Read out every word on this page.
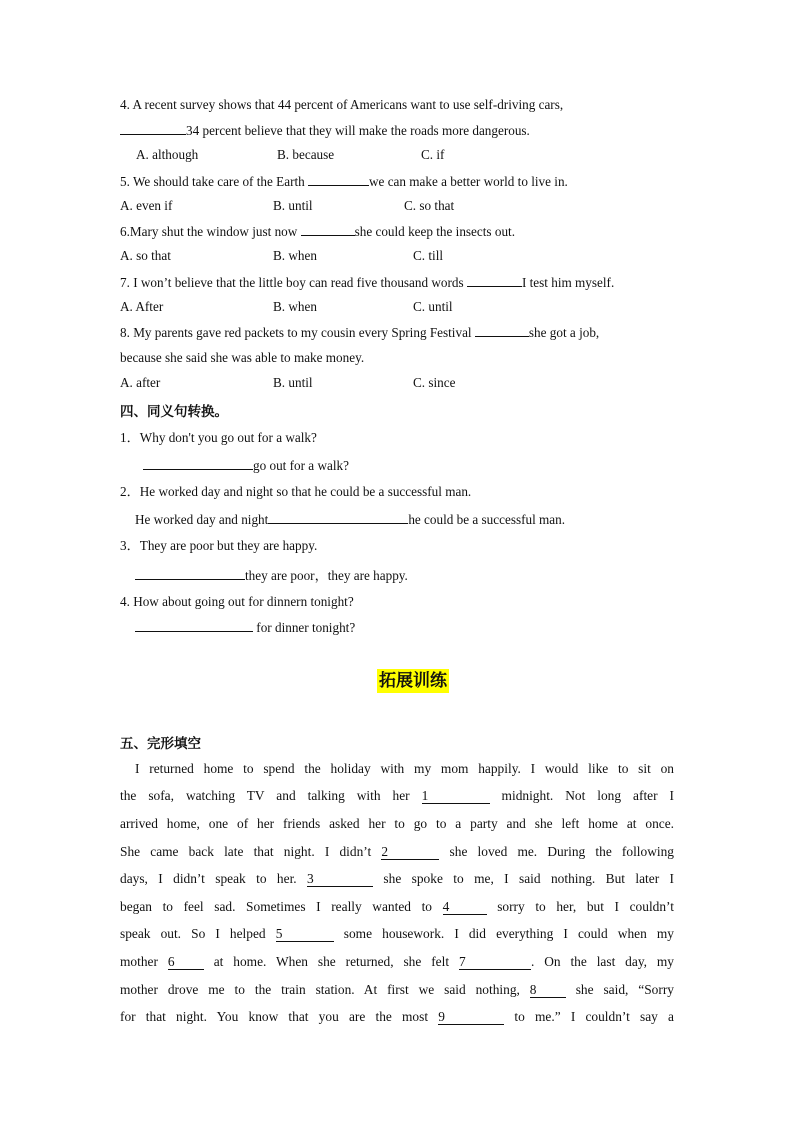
4. A recent survey shows that 44 percent of Americans want to use self-driving cars,
34 percent believe that they will make the roads more dangerous.
A. although	B. because	C. if
5. We should take care of the Earth	we can make a better world to live in.
A. even if	B. until	C. so that
6.Mary shut the window just now	she could keep the insects out.
A. so that	B. when	C. till
7. I won’t believe that the little boy can read five thousand words	I test him myself.
A. After	B. when	C. until
8. My parents gave red packets to my cousin every Spring Festival	she got a job,
because she said she was able to make money.
A. after	B. until	C. since
四、同义句转换。
1．Why don't you go out for a walk?
go out for a walk?
2．He worked day and night so that he could be a successful man.
He worked day and night	he could be a successful man.
3．They are poor but they are happy.
they are poor，they are happy.
4. How about going out for dinnern tonight?
for dinner tonight?
拓展训练
五、完形填空
I returned home to spend the holiday with my mom happily. I would like to sit on
the sofa, watching TV and talking with her 1	midnight. Not long after I
arrived home, one of her friends asked her to go to a party and she left home at once.
She came back late that night. I didn’t 2	she loved me. During the following
days, I didn’t speak to her. 3	she spoke to me, I said nothing. But later I
began to feel sad. Sometimes I really wanted to 4	sorry to her, but I couldn’t
speak out. So I helped 5	some housework. I did everything I could when my
mother 6 at home. When she returned, she felt 7	. On the last day, my
mother drove me to the train station. At first we said nothing, 8 she said, “Sorry
for that night. You know that you are the most 9	to me.” I couldn’t say a
